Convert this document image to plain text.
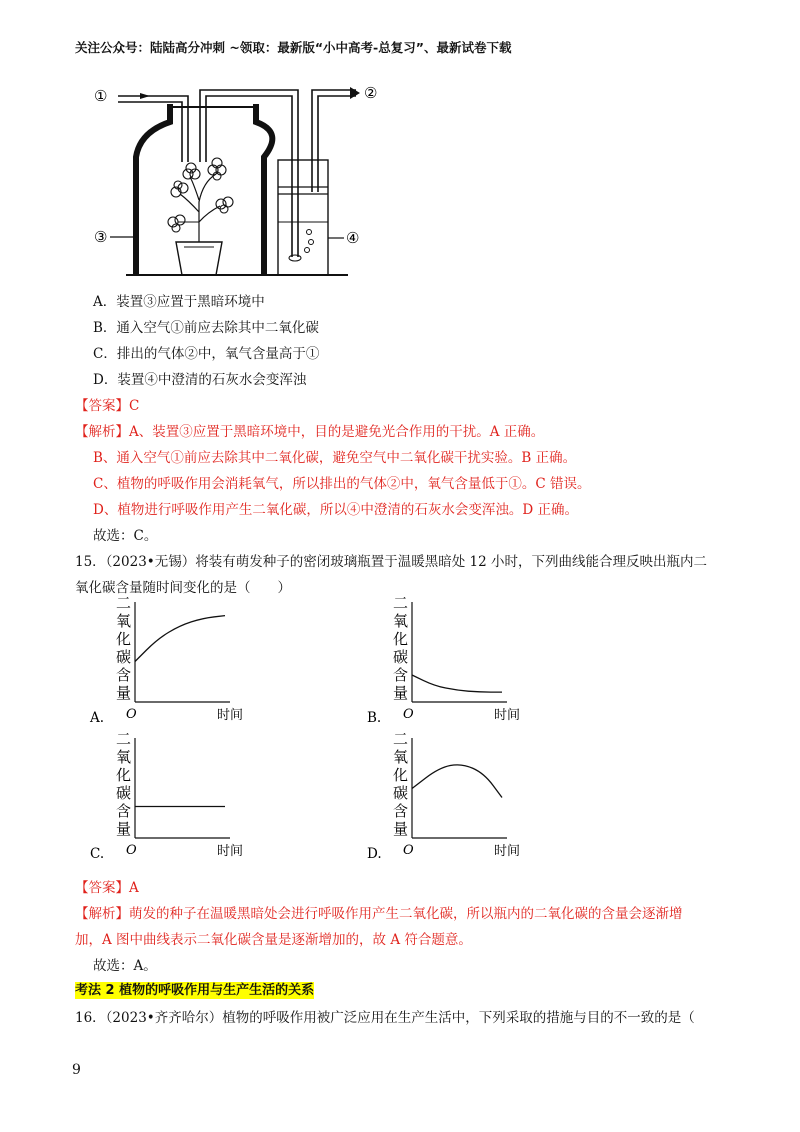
关注公众号：陆陆高分冲刺 ~领取：最新版“小中高考-总复习”、最新试卷下载
①	②
③	④
A．装置③应置于黑暗环境中
B．通入空气①前应去除其中二氧化碳
C．排出的气体②中，氧气含量高于①
D．装置④中澄清的石灰水会变浑浊
【答案】C
【解析】A、装置③应置于黑暗环境中，目的是避免光合作用的干扰。A 正确。
B、通入空气①前应去除其中二氧化碳，避免空气中二氧化碳干扰实验。B 正确。
C、植物的呼吸作用会消耗氧气，所以排出的气体②中，氧气含量低于①。C 错误。
D、植物进行呼吸作用产生二氧化碳，所以④中澄清的石灰水会变浑浊。D 正确。
故选：C。
15．（2023•无锡）将装有萌发种子的密闭玻璃瓶置于温暖黑暗处 12 小时，下列曲线能合理反映出瓶内二
氧化碳含量随时间变化的是（　　）
二
氧
化
碳
含
量
O	时间
A.
二
氧
化
碳
含
量
O	时间
B.
二
氧
化
碳
含
量
O	时间
C.
二
氧
化
碳
含
量
O	时间
D.
【答案】A
【解析】萌发的种子在温暖黑暗处会进行呼吸作用产生二氧化碳，所以瓶内的二氧化碳的含量会逐渐增
加，A 图中曲线表示二氧化碳含量是逐渐增加的，故 A 符合题意。
故选：A。
考法 2 植物的呼吸作用与生产生活的关系
16．（2023•齐齐哈尔）植物的呼吸作用被广泛应用在生产生活中，下列采取的措施与目的不一致的是（
9
